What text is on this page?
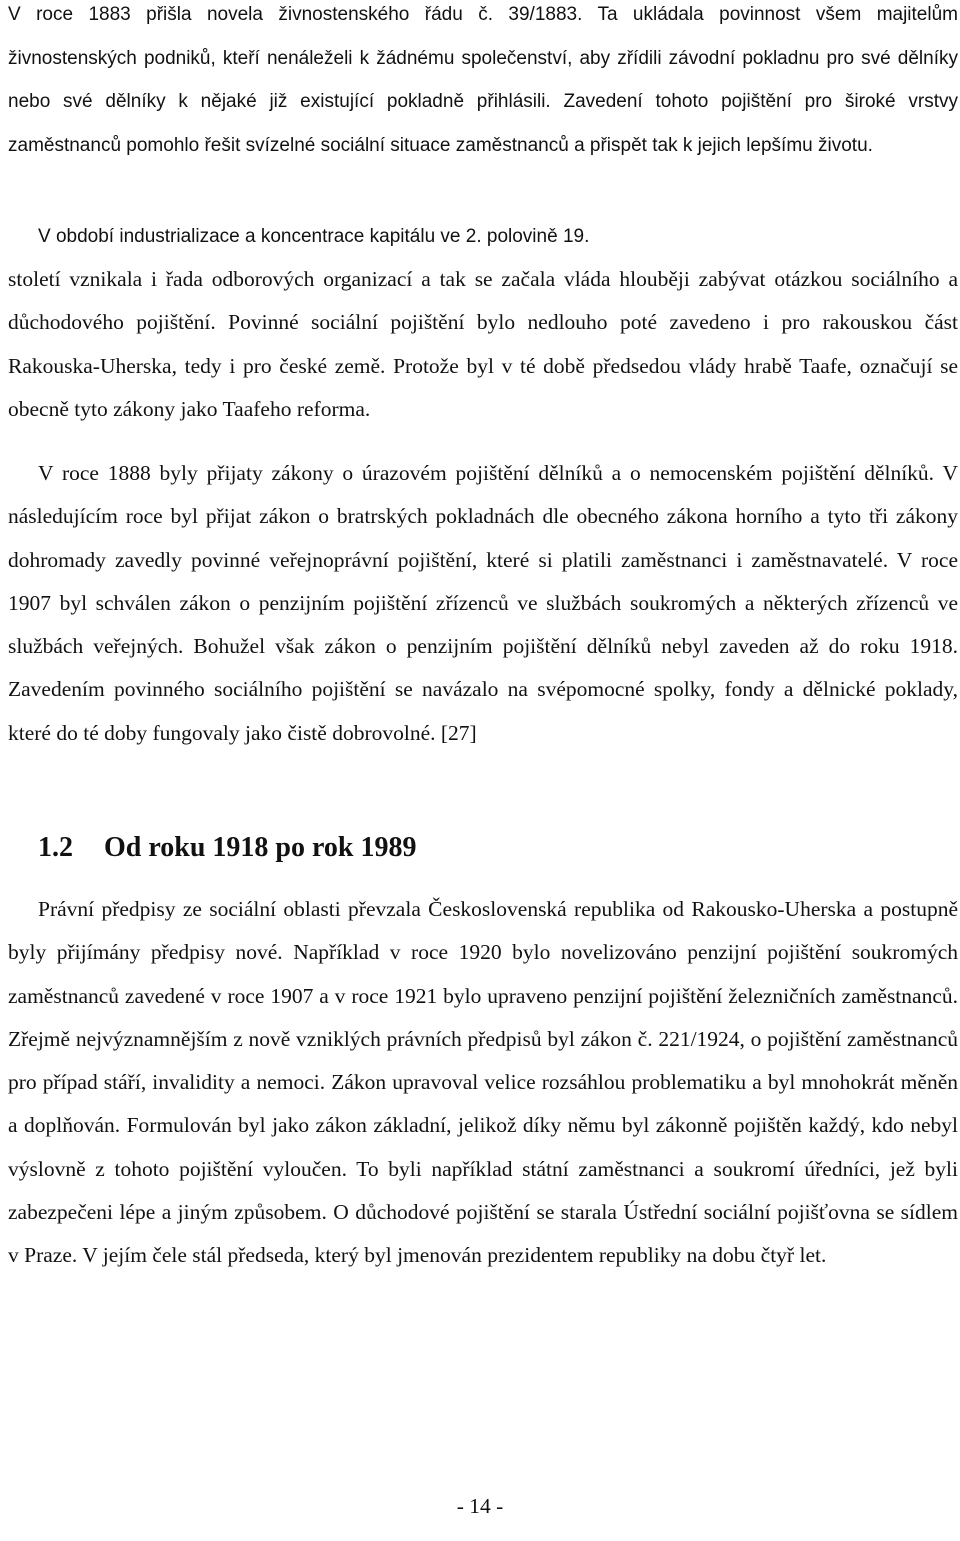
V roce 1883 přišla novela živnostenského řádu č. 39/1883. Ta ukládala povinnost všem majitelům živnostenských podniků, kteří nenáleželi k žádnému společenství, aby zřídili závodní pokladnu pro své dělníky nebo své dělníky k nějaké již existující pokladně přihlásili. Zavedení tohoto pojištění pro široké vrstvy zaměstnanců pomohlo řešit svízelné sociální situace zaměstnanců a přispět tak k jejich lepšímu životu.

V období industrializace a koncentrace kapitálu ve 2. polovině 19.

století vznikala i řada odborových organizací a tak se začala vláda hlouběji zabývat otázkou sociálního a důchodového pojištění. Povinné sociální pojištění bylo nedlouho poté zavedeno i pro rakouskou část Rakouska-Uherska, tedy i pro české země. Protože byl v té době předsedou vlády hrabě Taafe, označují se obecně tyto zákony jako Taafeho reforma.

V roce 1888 byly přijaty zákony o úrazovém pojištění dělníků a o nemocenském pojištění dělníků. V následujícím roce byl přijat zákon o bratrských pokladnách dle obecného zákona horního a tyto tři zákony dohromady zavedly povinné veřejnoprávní pojištění, které si platili zaměstnanci i zaměstnavatelé. V roce 1907 byl schválen zákon o penzijním pojištění zřízenců ve službách soukromých a některých zřízenců ve službách veřejných. Bohužel však zákon o penzijním pojištění dělníků nebyl zaveden až do roku 1918. Zavedením povinného sociálního pojištění se navázalo na svépomocné spolky, fondy a dělnické poklady, které do té doby fungovaly jako čistě dobrovolné. [27]

1.2 Od roku 1918 po rok 1989

Právní předpisy ze sociální oblasti převzala Československá republika od Rakousko-Uherska a postupně byly přijímány předpisy nové. Například v roce 1920 bylo novelizováno penzijní pojištění soukromých zaměstnanců zavedené v roce 1907 a v roce 1921 bylo upraveno penzijní pojištění železničních zaměstnanců. Zřejmě nejvýznamnějším z nově vzniklých právních předpisů byl zákon č. 221/1924, o pojištění zaměstnanců pro případ stáří, invalidity a nemoci. Zákon upravoval velice rozsáhlou problematiku a byl mnohokrát měněn a doplňován. Formulován byl jako zákon základní, jelikož díky němu byl zákonně pojištěn každý, kdo nebyl výslovně z tohoto pojištění vyloučen. To byli například státní zaměstnanci a soukromí úředníci, jež byli zabezpečeni lépe a jiným způsobem. O důchodové pojištění se starala Ústřední sociální pojišťovna se sídlem v Praze. V jejím čele stál předseda, který byl jmenován prezidentem republiky na dobu čtyř let.

- 14 -
